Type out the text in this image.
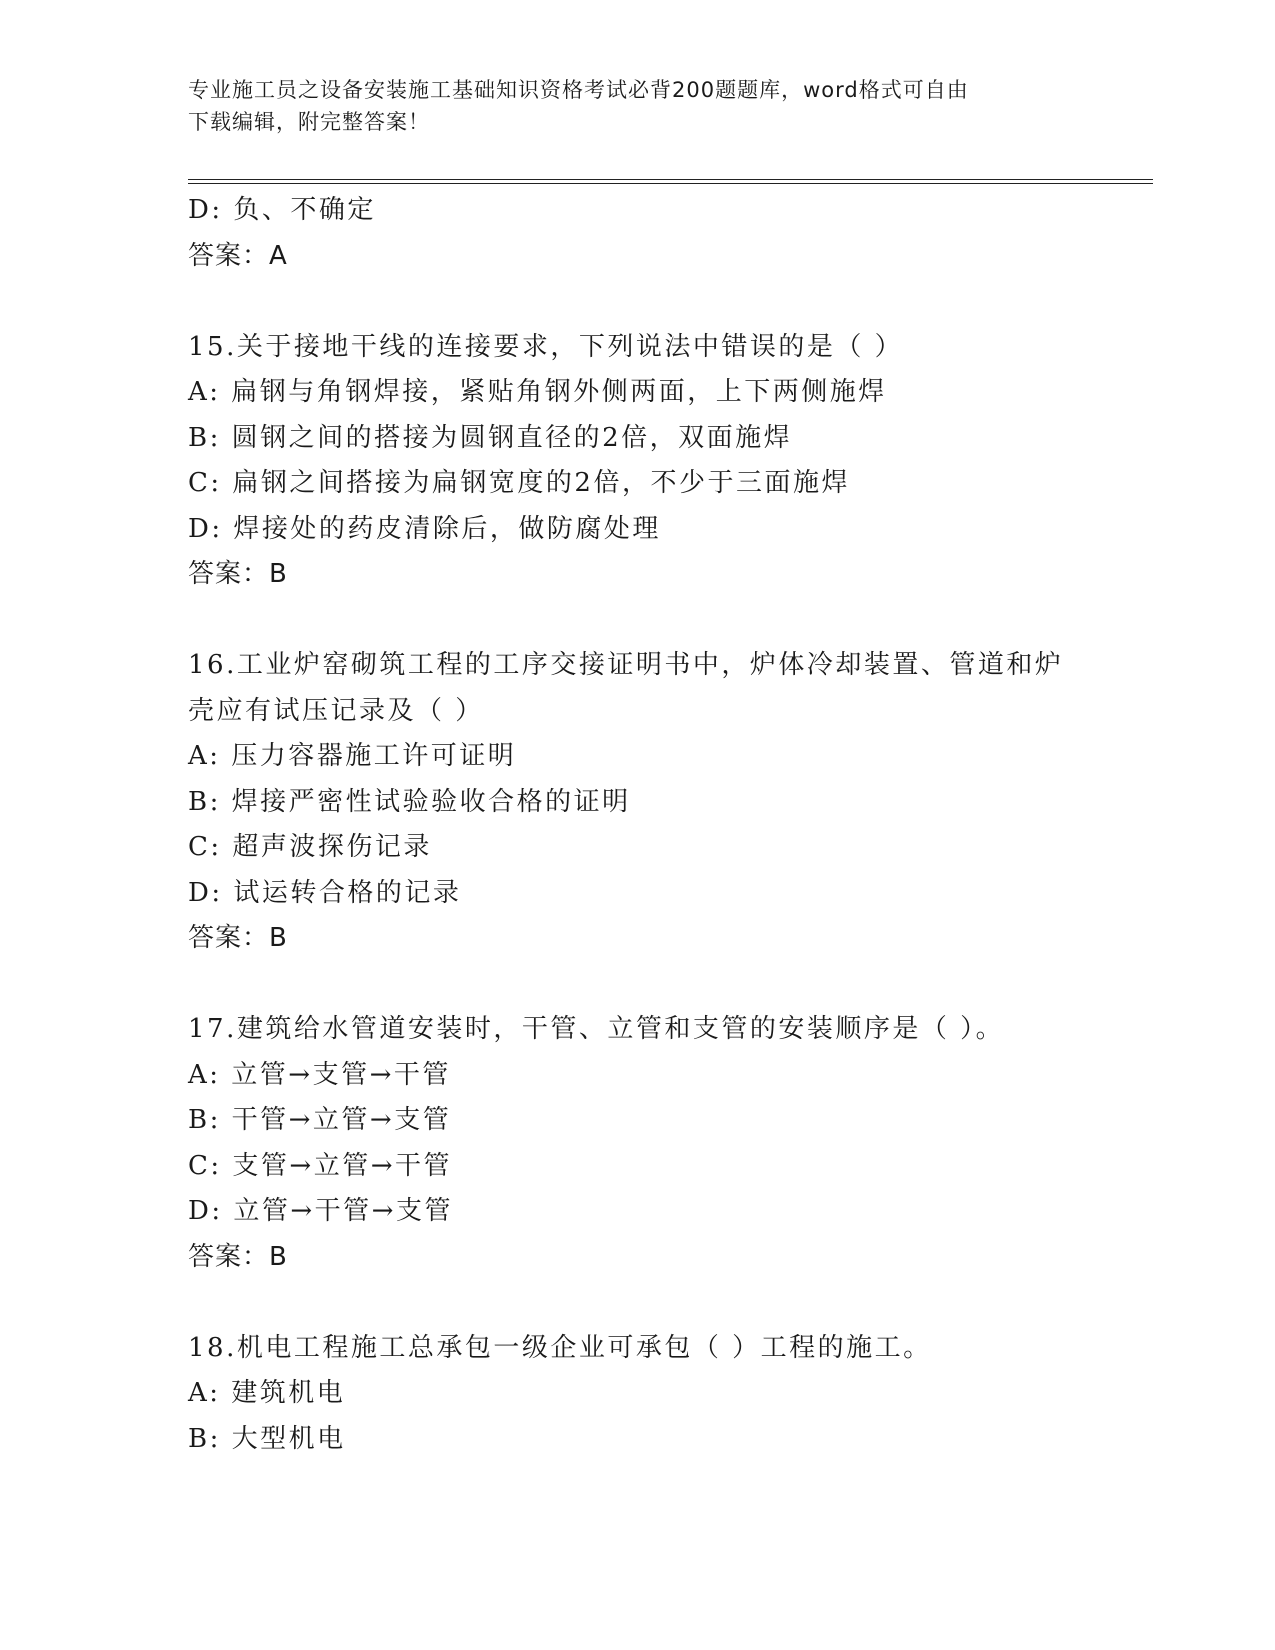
专业施工员之设备安装施工基础知识资格考试必背200题题库，word格式可自由
下载编辑，附完整答案！
D: 负、不确定
答案：A
15.关于接地干线的连接要求，下列说法中错误的是（ ）
A: 扁钢与角钢焊接，紧贴角钢外侧两面，上下两侧施焊
B: 圆钢之间的搭接为圆钢直径的2倍，双面施焊
C: 扁钢之间搭接为扁钢宽度的2倍，不少于三面施焊
D: 焊接处的药皮清除后，做防腐处理
答案：B
16.工业炉窑砌筑工程的工序交接证明书中，炉体冷却装置、管道和炉
壳应有试压记录及（ ）
A: 压力容器施工许可证明
B: 焊接严密性试验验收合格的证明
C: 超声波探伤记录
D: 试运转合格的记录
答案：B
17.建筑给水管道安装时，干管、立管和支管的安装顺序是（ ）。
A: 立管→支管→干管
B: 干管→立管→支管
C: 支管→立管→干管
D: 立管→干管→支管
答案：B
18.机电工程施工总承包一级企业可承包（ ）工程的施工。
A: 建筑机电
B: 大型机电
